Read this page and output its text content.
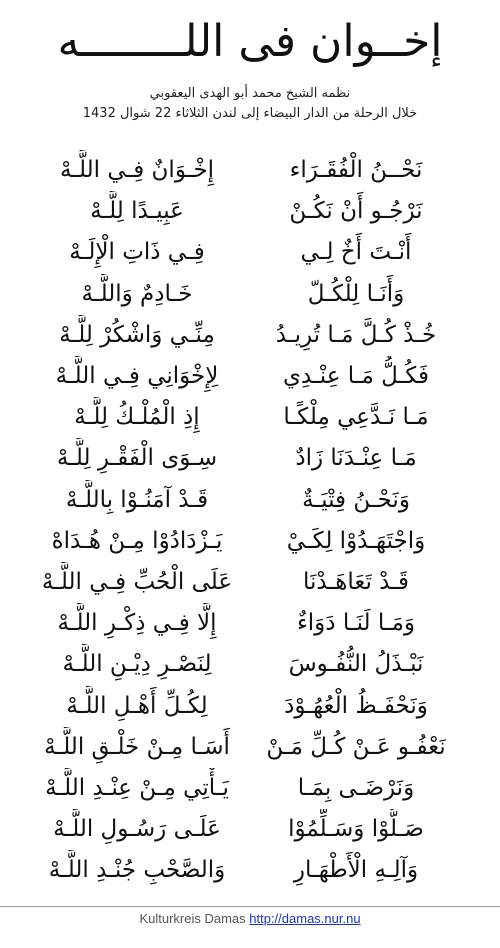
إخــوان فى اللــــــــه
نظمه الشيخ محمد أبو الهدى اليعقوبي
خلال الرحلة من الدار البيضاء إلى لندن الثلاثاء 22 شوال 1432
نَحْــنُ الْفُقَـرَاء
إِخْـوَانٌ فِـي اللَّـهْ
نَرْجُـو أَنْ نَكُـنْ
عَبِيـدًا لِلَّـهْ
أَنْـتَ أَخٌ لِـي
فِـي ذَاتِ الْإِلَـهْ
وَأَنَـا لِلْكُـلّ
خَـادِمٌ وَاللَّـهْ
خُـذْ كُـلَّ مَـا تُرِيـدُ
مِنِّـي وَاشْكُرْ لِلَّـهْ
فَكُـلُّ مَـا عِنْـدِي
لِإِخْوَانِي فِـي اللَّـهْ
مَـا نَـدَّعِي مِلْكًـا
إِذِ الْمُلْـكُ لِلَّـهْ
مَـا عِنْـدَنَا زَادٌ
سِـوَى الْفَقْـرِ لِلَّـهْ
وَنَحْـنُ فِتْيَـةٌ
قَـدْ آمَنُـوْا بِاللَّـهْ
وَاجْتَهَـدُوْا لِكَـيْ
يَـزْدَادُوْا مِـنْ هُـدَاهْ
قَـدْ تَعَاهَـدْنَا
عَلَى الْحُبِّ فِـي اللَّـهْ
وَمَـا لَنَـا دَوَاءٌ
إِلَّا فِـي ذِكْـرِ اللَّـهْ
نَبْـذَلُ النُّفُـوسَ
لِنَصْـرِ دِيْـنِ اللَّـهْ
وَنَحْفَـظُ الْعُهُـوْدَ
لِكُـلِّ أَهْـلِ اللَّـهْ
نَعْفُـو عَـنْ كُـلِّ مَـنْ
أَسَـا مِـنْ خَلْـقِ اللَّـهْ
وَنَرْضَـى بِمَـا
يَـأْتِي مِـنْ عِنْـدِ اللَّـهْ
صَـلُّوْا وَسَـلِّمُوْا
عَلَـى رَسُـولِ اللَّـهْ
وَآلِـهِ الْأَطْهَـارِ
وَالصَّحْبِ جُنْـدِ اللَّـهْ
Kulturkreis Damas http://damas.nur.nu
